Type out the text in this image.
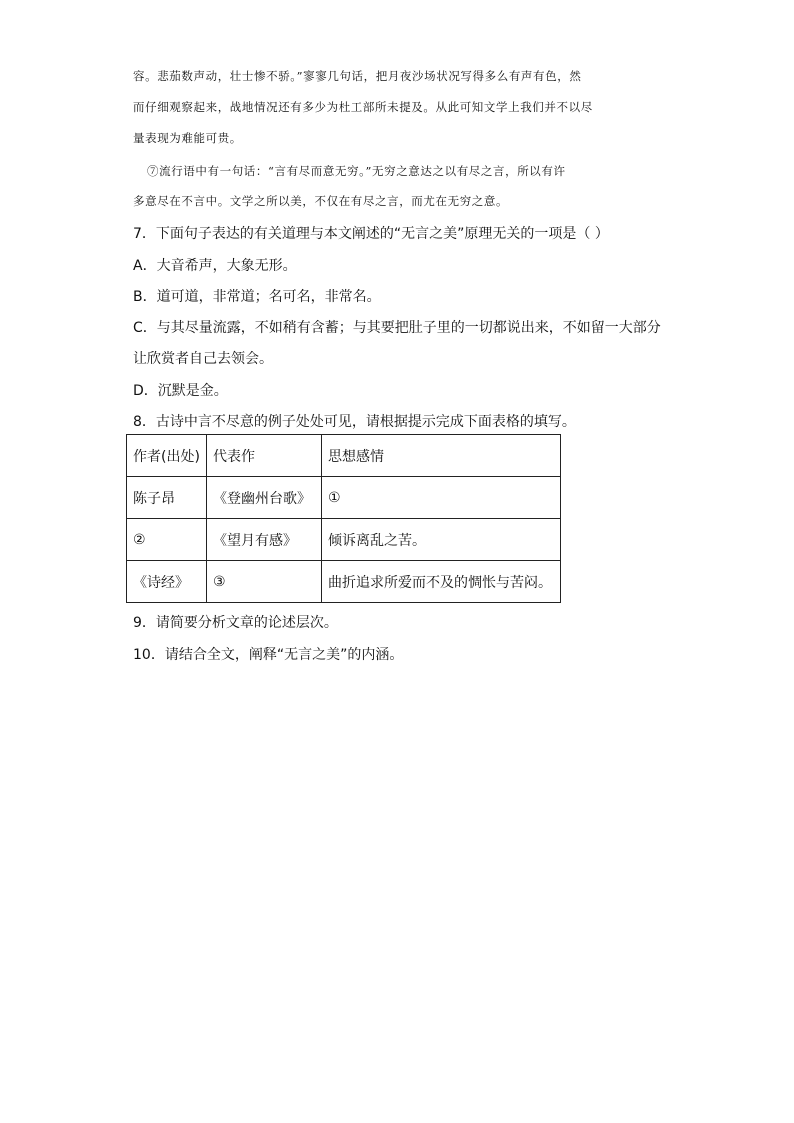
容。悲茄数声动，壮士惨不骄。”寥寥几句话，把月夜沙场状况写得多么有声有色，然
而仔细观察起来，战地情况还有多少为杜工部所未提及。从此可知文学上我们并不以尽
量表现为难能可贵。
⑦流行语中有一句话：“言有尽而意无穷。”无穷之意达之以有尽之言，所以有许
多意尽在不言中。文学之所以美，不仅在有尽之言，而尤在无穷之意。
7．下面句子表达的有关道理与本文阐述的“无言之美”原理无关的一项是（ ）
A．大音希声，大象无形。
B．道可道，非常道；名可名，非常名。
C．与其尽量流露，不如稍有含蓄；与其要把肚子里的一切都说出来，不如留一大部分
让欣赏者自己去领会。
D．沉默是金。
8．古诗中言不尽意的例子处处可见，请根据提示完成下面表格的填写。
作者(出处)	代表作	思想感情
陈子昂	《登幽州台歌》	①
②	《望月有感》	倾诉离乱之苦。
《诗经》	③	曲折追求所爱而不及的惆怅与苦闷。
9．请简要分析文章的论述层次。
10．请结合全文，阐释“无言之美”的内涵。
